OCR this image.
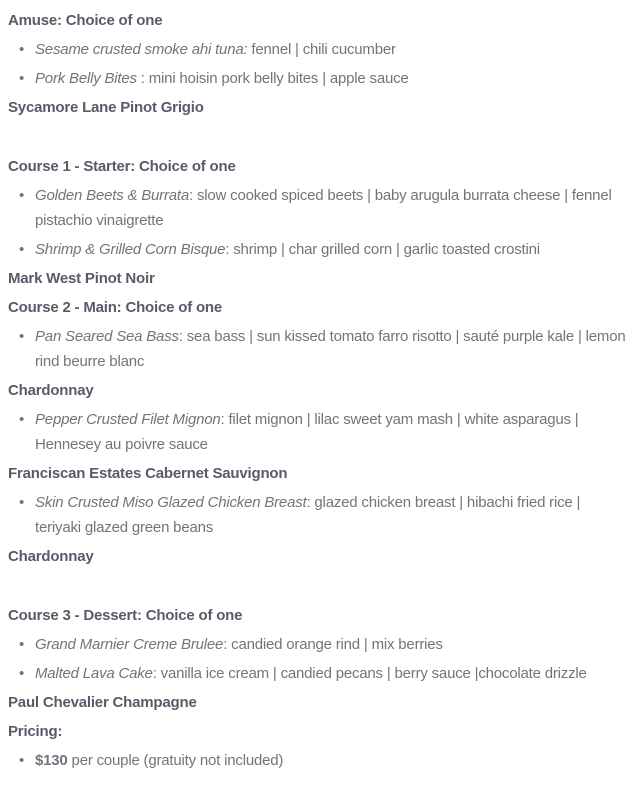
Amuse: Choice of one

• Sesame crusted smoke ahi tuna: fennel | chili cucumber
• Pork Belly Bites : mini hoisin pork belly bites | apple sauce

Sycamore Lane Pinot Grigio

Course 1 - Starter: Choice of one

• Golden Beets & Burrata: slow cooked spiced beets | baby arugula burrata cheese | fennel pistachio vinaigrette
• Shrimp & Grilled Corn Bisque: shrimp | char grilled corn | garlic toasted crostini

Mark West Pinot Noir

Course 2 - Main: Choice of one

• Pan Seared Sea Bass: sea bass | sun kissed tomato farro risotto | sauté purple kale | lemon rind beurre blanc

Chardonnay

• Pepper Crusted Filet Mignon: filet mignon | lilac sweet yam mash | white asparagus | Hennesey au poivre sauce

Franciscan Estates Cabernet Sauvignon

• Skin Crusted Miso Glazed Chicken Breast: glazed chicken breast | hibachi fried rice | teriyaki glazed green beans

Chardonnay

Course 3 - Dessert: Choice of one

• Grand Marnier Creme Brulee: candied orange rind | mix berries
• Malted Lava Cake: vanilla ice cream | candied pecans | berry sauce |chocolate drizzle

Paul Chevalier Champagne

Pricing:

• $130 per couple (gratuity not included)
